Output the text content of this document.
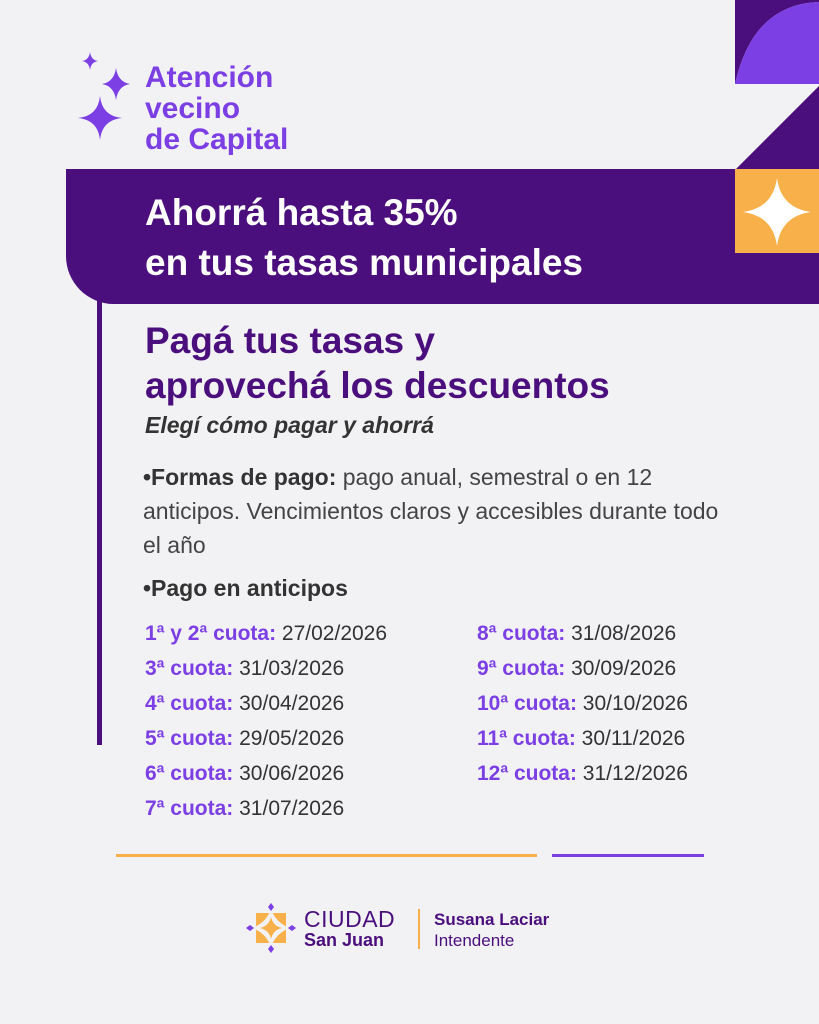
Atención
vecino
de Capital
Ahorrá hasta 35%
en tus tasas municipales
Pagá tus tasas y
aprovechá los descuentos
Elegí cómo pagar y ahorrá
•Formas de pago: pago anual, semestral o en 12 anticipos. Vencimientos claros y accesibles durante todo el año
•Pago en anticipos
1ª y 2ª cuota: 27/02/2026
3ª cuota: 31/03/2026
4ª cuota: 30/04/2026
5ª cuota: 29/05/2026
6ª cuota: 30/06/2026
7ª cuota: 31/07/2026
8ª cuota: 31/08/2026
9ª cuota: 30/09/2026
10ª cuota: 30/10/2026
11ª cuota: 30/11/2026
12ª cuota: 31/12/2026
CIUDAD
San Juan
Susana Laciar
Intendente
